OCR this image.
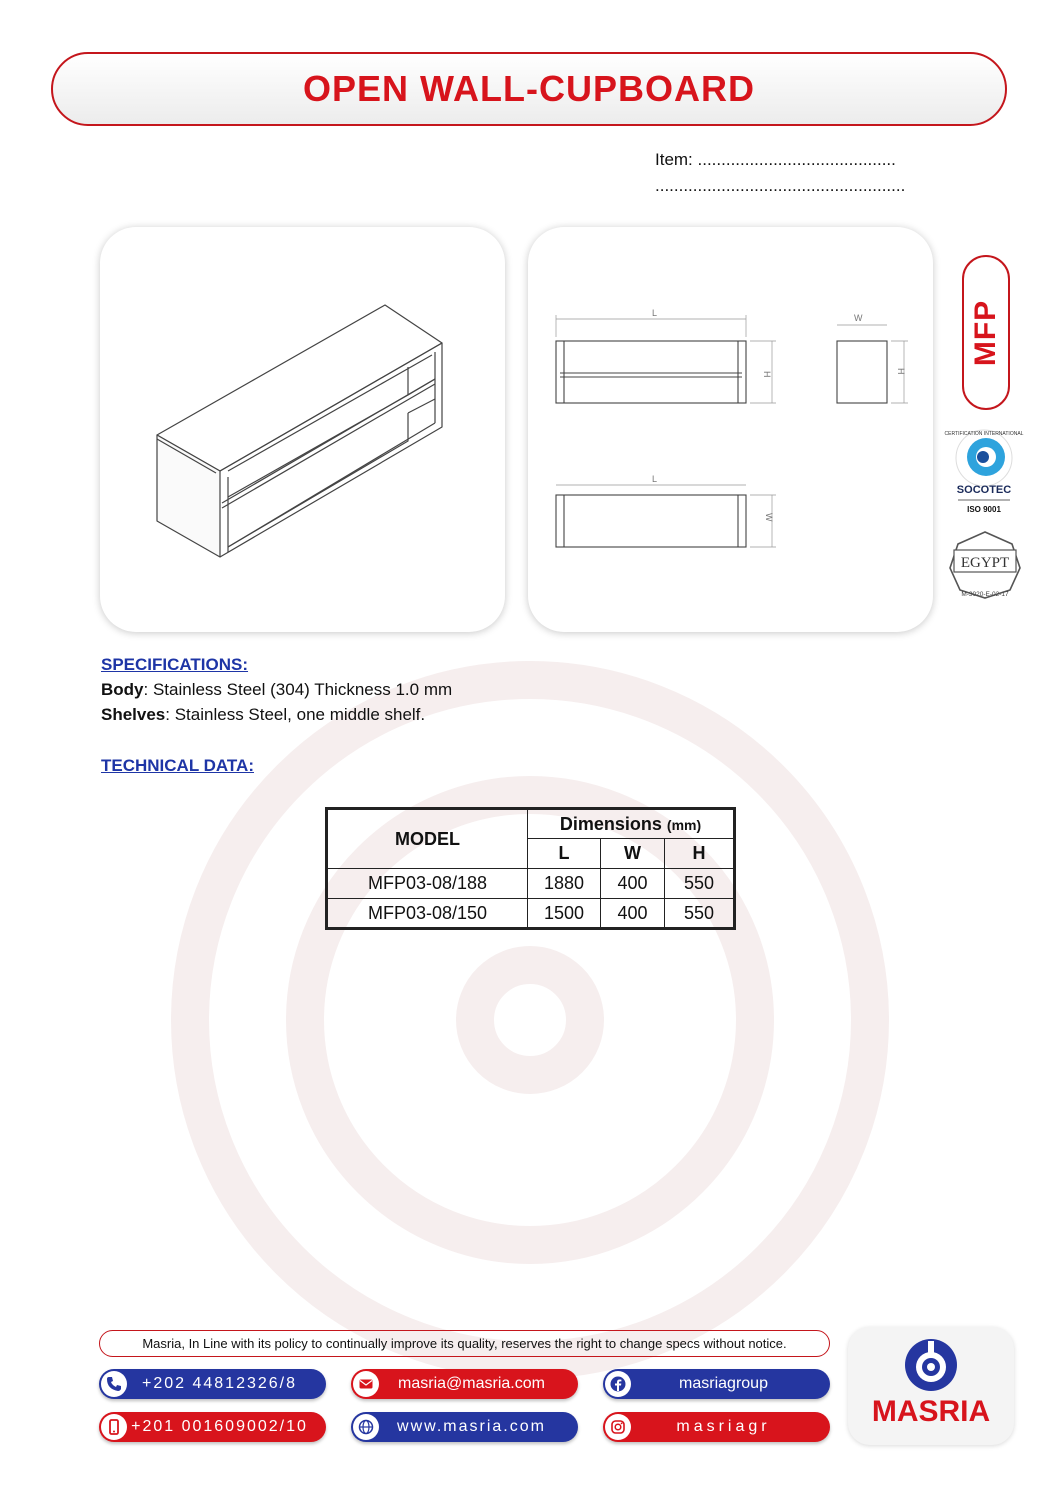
OPEN WALL-CUPBOARD
Item: ..........................................
.....................................................
L
H
W
H
L
W
MFP
CERTIFICATION INTERNATIONAL
SOCOTEC
ISO 9001
EGYPT
M-3020-E-02-17
SPECIFICATIONS:
Body: Stainless Steel (304) Thickness 1.0 mm
Shelves: Stainless Steel, one middle shelf.
TECHNICAL DATA:
MODEL	Dimensions (mm)		
	L	W	H
MFP03-08/188	1880	400	550
MFP03-08/150	1500	400	550
Masria, In Line with its policy to continually improve its quality, reserves the right to change specs without notice.
+202 44812326/8
+201 001609002/10
masria@masria.com
www.masria.com
masriagroup
masriagr	MASRIA
